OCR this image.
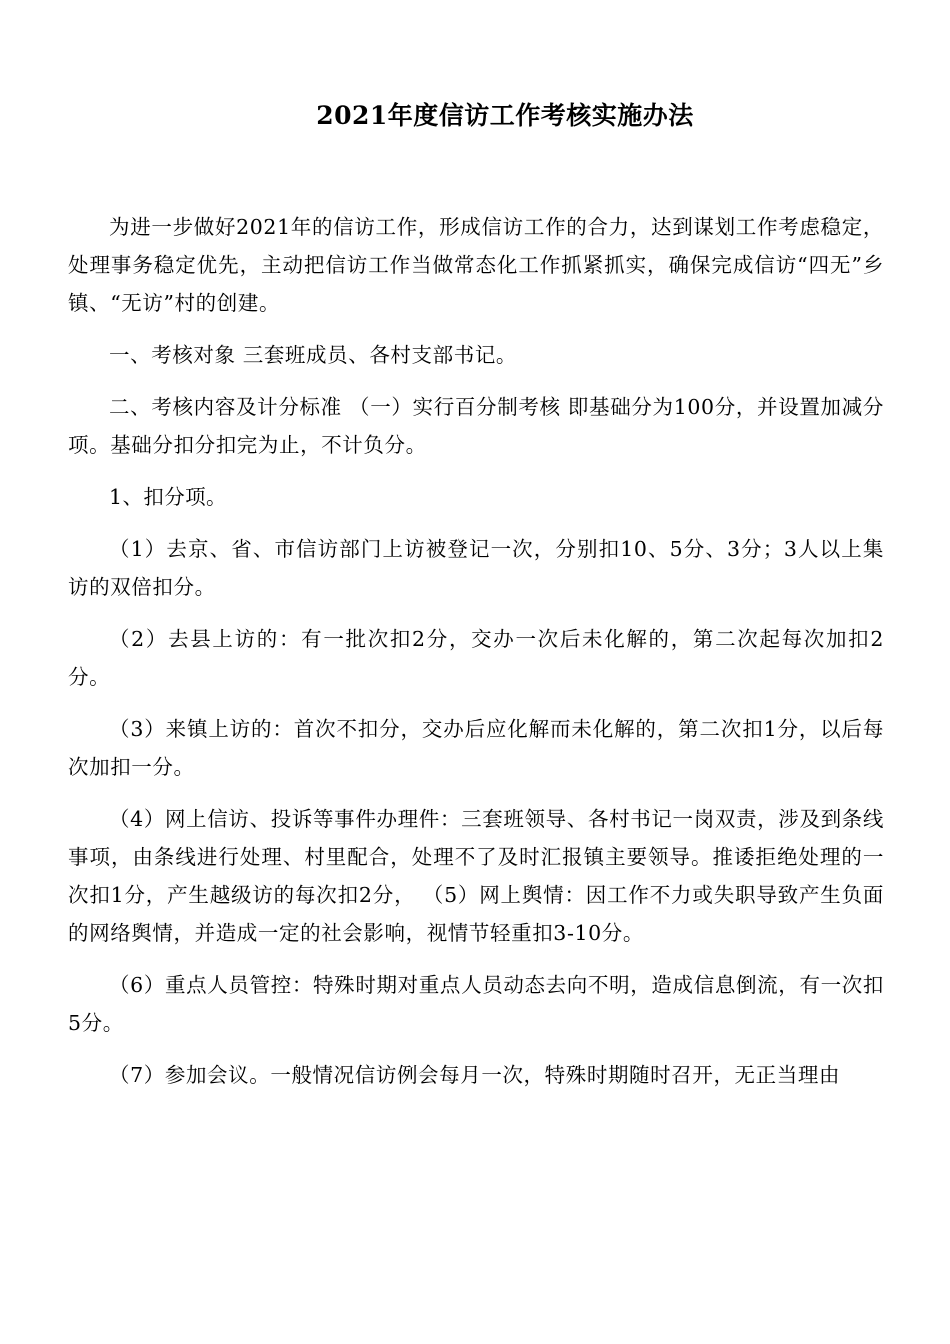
2021年度信访工作考核实施办法

为进一步做好2021年的信访工作，形成信访工作的合力，达到谋划工作考虑稳定，处理事务稳定优先，主动把信访工作当做常态化工作抓紧抓实，确保完成信访“四无”乡镇、“无访”村的创建。

一、考核对象 三套班成员、各村支部书记。

二、考核内容及计分标准 （一）实行百分制考核 即基础分为100分，并设置加减分项。基础分扣分扣完为止，不计负分。

1、扣分项。

（1）去京、省、市信访部门上访被登记一次，分别扣10、5分、3分；3人以上集访的双倍扣分。

（2）去县上访的：有一批次扣2分，交办一次后未化解的，第二次起每次加扣2分。

（3）来镇上访的：首次不扣分，交办后应化解而未化解的，第二次扣1分，以后每次加扣一分。

（4）网上信访、投诉等事件办理件：三套班领导、各村书记一岗双责，涉及到条线事项，由条线进行处理、村里配合，处理不了及时汇报镇主要领导。推诿拒绝处理的一次扣1分，产生越级访的每次扣2分， （5）网上舆情：因工作不力或失职导致产生负面的网络舆情，并造成一定的社会影响，视情节轻重扣3-10分。

（6）重点人员管控：特殊时期对重点人员动态去向不明，造成信息倒流，有一次扣5分。

（7）参加会议。一般情况信访例会每月一次，特殊时期随时召开，无正当理由
